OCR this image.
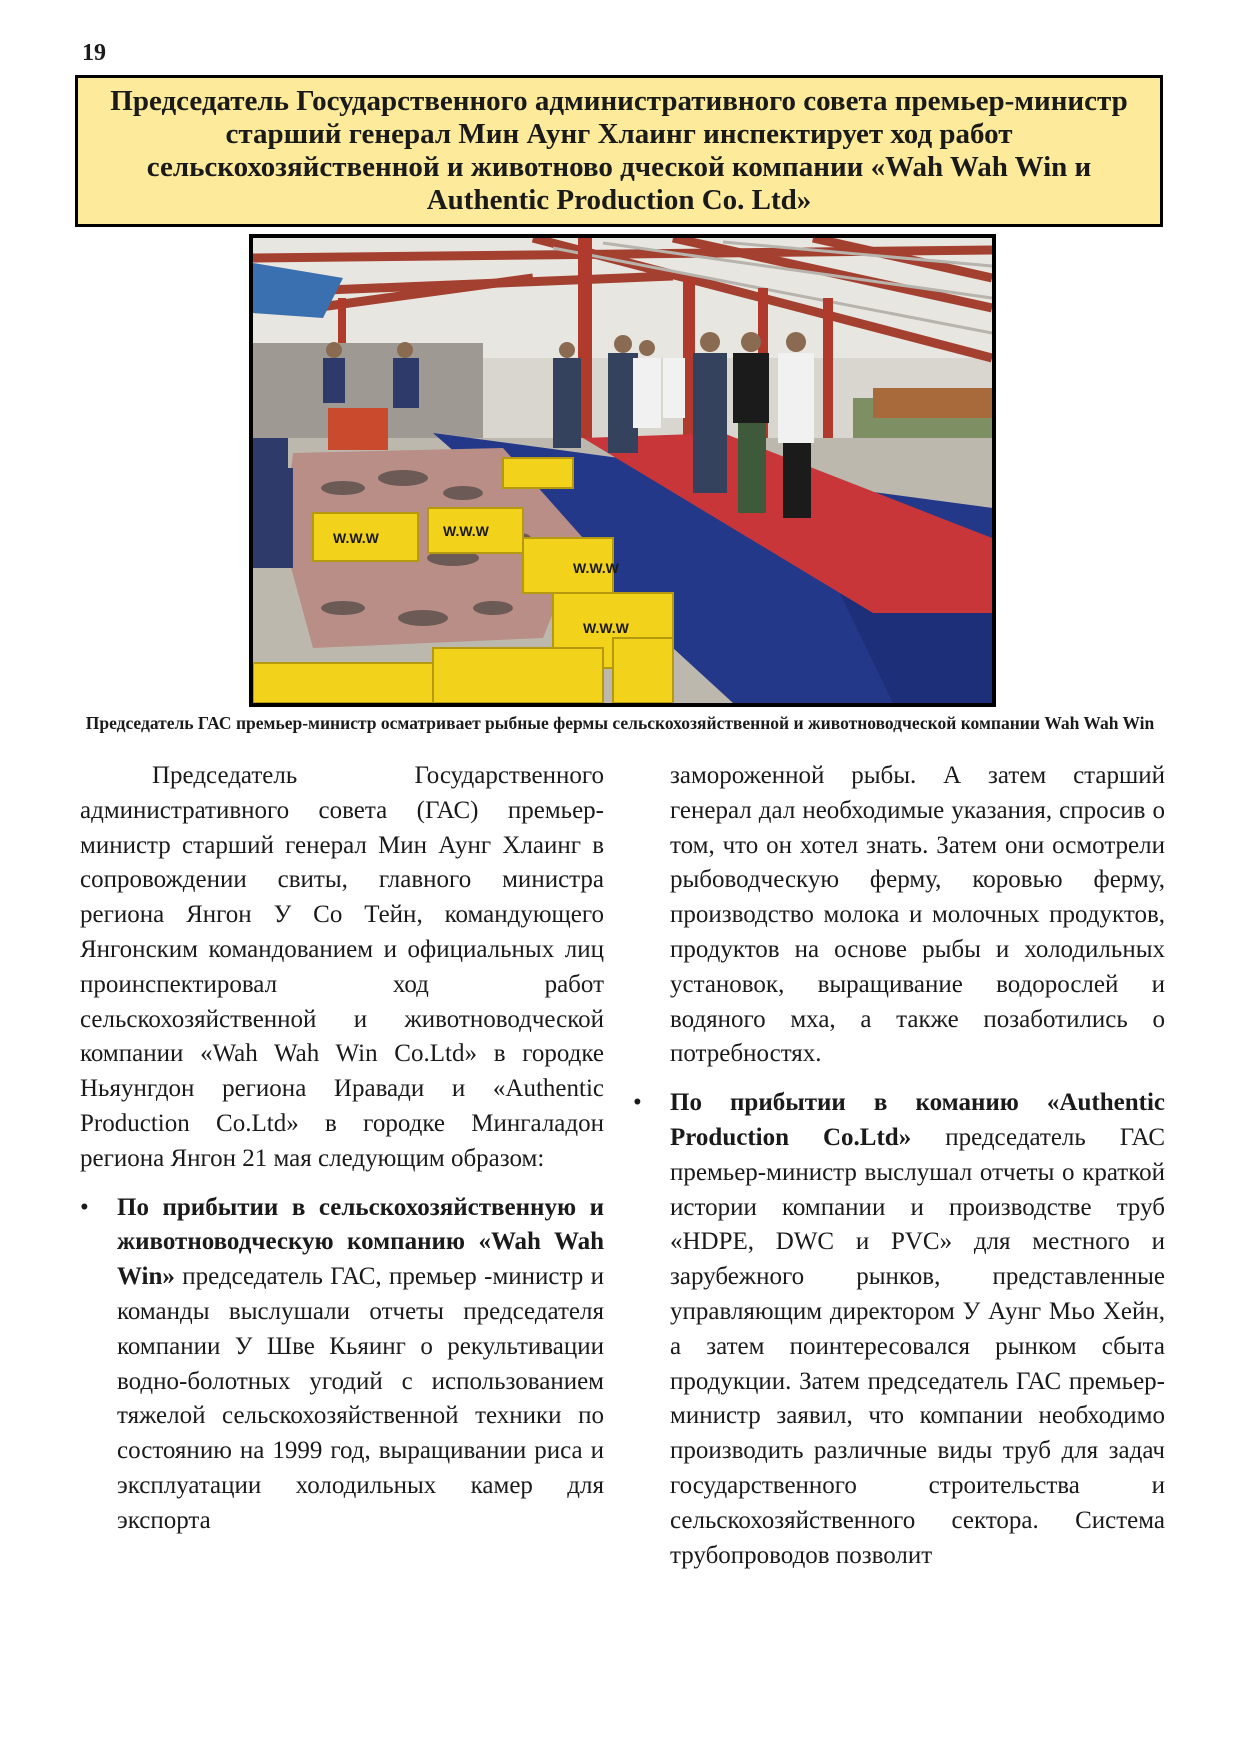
19
Председатель Государственного административного совета премьер-министр старший генерал Мин Аунг Хлаинг инспектирует ход работ сельскохозяйственной и животново дческой компании «Wah Wah Win и Authentic Production Co. Ltd»
W.W.W	W.W.W
W.W.W
W.W.W
Председатель ГАС премьер-министр осматривает рыбные фермы сельскохозяйственной и животноводческой компании Wah Wah Win

Председатель Государственного административного совета (ГАС) премьер-министр старший генерал Мин Аунг Хлаинг в сопровождении свиты, главного министра региона Янгон У Со Тейн, командующего Янгонским командованием и официальных лиц проинспектировал ход работ сельскохозяйственной и животноводческой компании «Wah Wah Win Co.Ltd» в городке Ньяунгдон региона Иравади и «Authentic Production Co.Ltd» в городке Мингаладон региона Янгон 21 мая следующим образом:

• По прибытии в сельскохозяйственную и животноводческую компанию «Wah Wah Win» председатель ГАС, премьер -министр и команды выслушали отчеты председателя компании У Шве Кьяинг о рекультивации водно-болотных угодий с использованием тяжелой сельскохозяйственной техники по состоянию на 1999 год, выращивании риса и эксплуатации холодильных камер для экспорта

замороженной рыбы. А затем старший генерал дал необходимые указания, спросив о том, что он хотел знать. Затем они осмотрели рыбоводческую ферму, коровью ферму, производство молока и молочных продуктов, продуктов на основе рыбы и холодильных установок, выращивание водорослей и водяного мха, а также позаботились о потребностях.

• По прибытии в команию «Authentic Production Co.Ltd» председатель ГАС премьер-министр выслушал отчеты о краткой истории компании и производстве труб «HDPE, DWC и PVC» для местного и зарубежного рынков, представленные управляющим директором У Аунг Мьо Хейн, а затем поинтересовался рынком сбыта продукции. Затем председатель ГАС премьер-министр заявил, что компании необходимо производить различные виды труб для задач государственного строительства и сельскохозяйственного сектора. Система трубопроводов позволит
